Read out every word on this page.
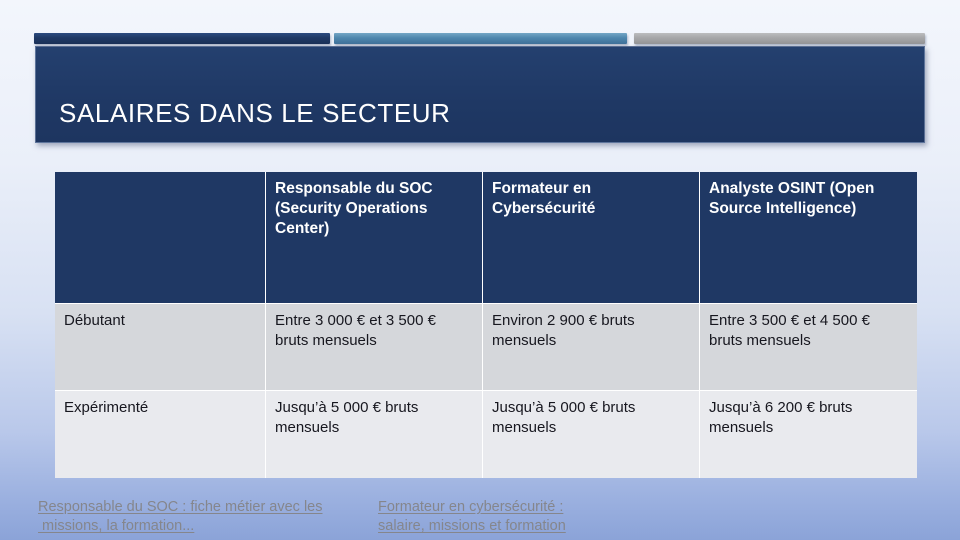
SALAIRES DANS LE SECTEUR
	Responsable du SOC (Security Operations Center)	Formateur en Cybersécurité	Analyste OSINT (Open Source Intelligence)
Débutant	Entre 3 000 € et 3 500 € bruts mensuels	Environ 2 900 € bruts mensuels	Entre 3 500 € et 4 500 € bruts mensuels
Expérimenté	Jusqu’à 5 000 € bruts mensuels	Jusqu’à 5 000 € bruts mensuels	Jusqu’à 6 200 € bruts mensuels
Responsable du SOC : fiche métier avec les
missions, la formation...
Formateur en cybersécurité :
salaire, missions et formation
